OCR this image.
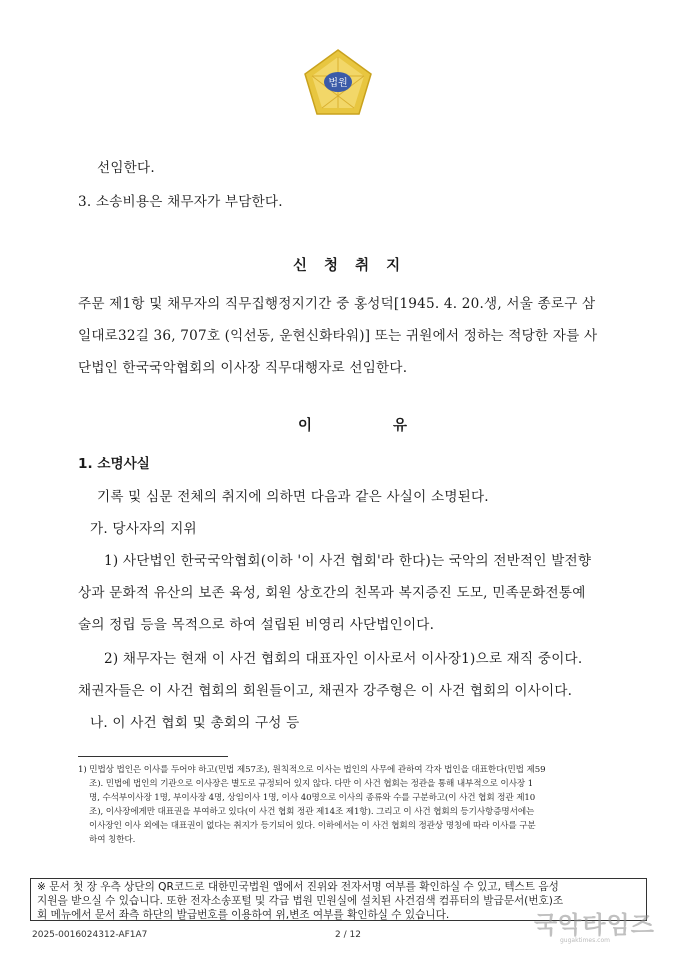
법원
선임한다.
3. 소송비용은 채무자가 부담한다.
신 청 취 지
주문 제1항 및 채무자의 직무집행정지기간 중 홍성덕[1945. 4. 20.생, 서울 종로구 삼
일대로32길 36, 707호 (익선동, 운현신화타워)] 또는 귀원에서 정하는 적당한 자를 사
단법인 한국국악협회의 이사장 직무대행자로 선임한다.
이 유
1. 소명사실
기록 및 심문 전체의 취지에 의하면 다음과 같은 사실이 소명된다.
가. 당사자의 지위
1) 사단법인 한국국악협회(이하 '이 사건 협회'라 한다)는 국악의 전반적인 발전향
상과 문화적 유산의 보존 육성, 회원 상호간의 친목과 복지증진 도모, 민족문화전통예
술의 정립 등을 목적으로 하여 설립된 비영리 사단법인이다.
2) 채무자는 현재 이 사건 협회의 대표자인 이사로서 이사장1)으로 재직 중이다.
채권자들은 이 사건 협회의 회원들이고, 채권자 강주형은 이 사건 협회의 이사이다.
나. 이 사건 협회 및 총회의 구성 등
1) 민법상 법인은 이사를 두어야 하고(민법 제57조), 원칙적으로 이사는 법인의 사무에 관하여 각자 법인을 대표한다(민법 제59
조). 민법에 법인의 기관으로 이사장은 별도로 규정되어 있지 않다. 다만 이 사건 협회는 정관을 통해 내부적으로 이사장 1
명, 수석부이사장 1명, 부이사장 4명, 상임이사 1명, 이사 40명으로 이사의 종류와 수를 구분하고(이 사건 협회 정관 제10
조), 이사장에게만 대표권을 부여하고 있다(이 사건 협회 정관 제14조 제1항). 그리고 이 사건 협회의 등기사항증명서에는
이사장인 이사 외에는 대표권이 없다는 취지가 등기되어 있다. 이하에서는 이 사건 협회의 정관상 명칭에 따라 이사를 구분
하여 칭한다.
※ 문서 첫 장 우측 상단의 QR코드로 대한민국법원 앱에서 진위와 전자서명 여부를 확인하실 수 있고, 텍스트 음성
지원을 받으실 수 있습니다. 또한 전자소송포털 및 각급 법원 민원실에 설치된 사건검색 컴퓨터의 발급문서(번호)조
회 메뉴에서 문서 좌측 하단의 발급번호를 이용하여 위,변조 여부를 확인하실 수 있습니다.
2025-0016024312-AF1A7	2 / 12	국악타임즈
gugaktimes.com
